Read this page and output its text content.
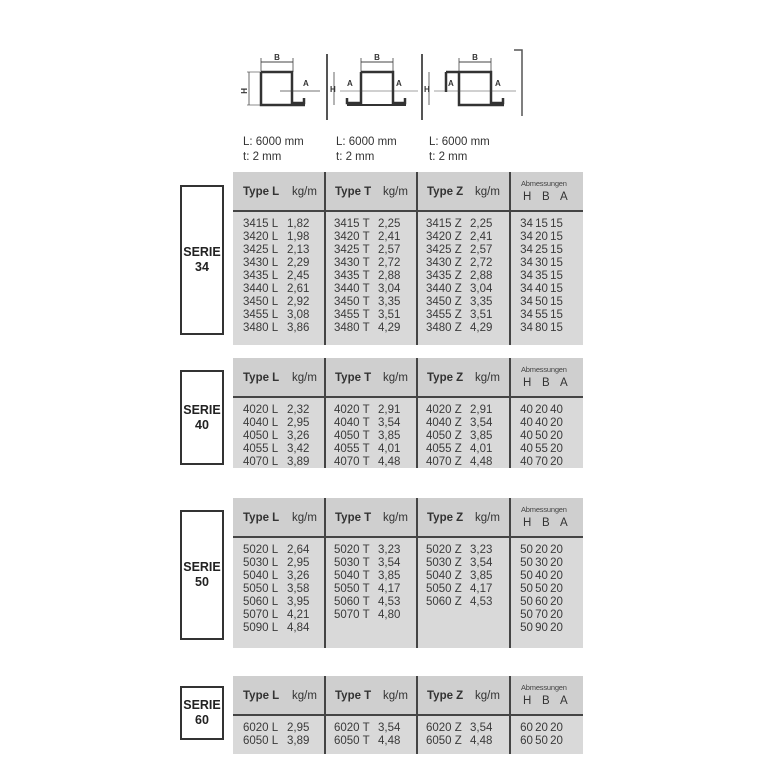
B
H
A
B
H
A	A
B
H
A	A
L: 6000 mm
t: 2 mm
L: 6000 mm
t: 2 mm
L: 6000 mm
t: 2 mm
SERIE
34
Type L kg/m Type T kg/m Type Z kg/m
Abmessungen
H B A
3415 L 1,82
3420 L 1,98
3425 L 2,13
3430 L 2,29
3435 L 2,45
3440 L 2,61
3450 L 2,92
3455 L 3,08
3480 L 3,86
3415 T 2,25
3420 T 2,41
3425 T 2,57
3430 T 2,72
3435 T 2,88
3440 T 3,04
3450 T 3,35
3455 T 3,51
3480 T 4,29
3415 Z 2,25
3420 Z 2,41
3425 Z 2,57
3430 Z 2,72
3435 Z 2,88
3440 Z 3,04
3450 Z 3,35
3455 Z 3,51
3480 Z 4,29
34 15 15
34 20 15
34 25 15
34 30 15
34 35 15
34 40 15
34 50 15
34 55 15
34 80 15
SERIE
40
Type L kg/m Type T kg/m Type Z kg/m
Abmessungen
H B A
4020 L 2,32
4040 L 2,95
4050 L 3,26
4055 L 3,42
4070 L 3,89
4020 T 2,91
4040 T 3,54
4050 T 3,85
4055 T 4,01
4070 T 4,48
4020 Z 2,91
4040 Z 3,54
4050 Z 3,85
4055 Z 4,01
4070 Z 4,48
40 20 40
40 40 20
40 50 20
40 55 20
40 70 20
SERIE
50
Type L kg/m Type T kg/m Type Z kg/m
Abmessungen
H B A
5020 L 2,64
5030 L 2,95
5040 L 3,26
5050 L 3,58
5060 L 3,95
5070 L 4,21
5090 L 4,84
5020 T 3,23
5030 T 3,54
5040 T 3,85
5050 T 4,17
5060 T 4,53
5070 T 4,80
5020 Z 3,23
5030 Z 3,54
5040 Z 3,85
5050 Z 4,17
5060 Z 4,53
50 20 20
50 30 20
50 40 20
50 50 20
50 60 20
50 70 20
50 90 20
SERIE
60
Type L kg/m Type T kg/m Type Z kg/m
Abmessungen
H B A
6020 L 2,95
6050 L 3,89
6020 T 3,54
6050 T 4,48
6020 Z 3,54
6050 Z 4,48
60 20 20
60 50 20
